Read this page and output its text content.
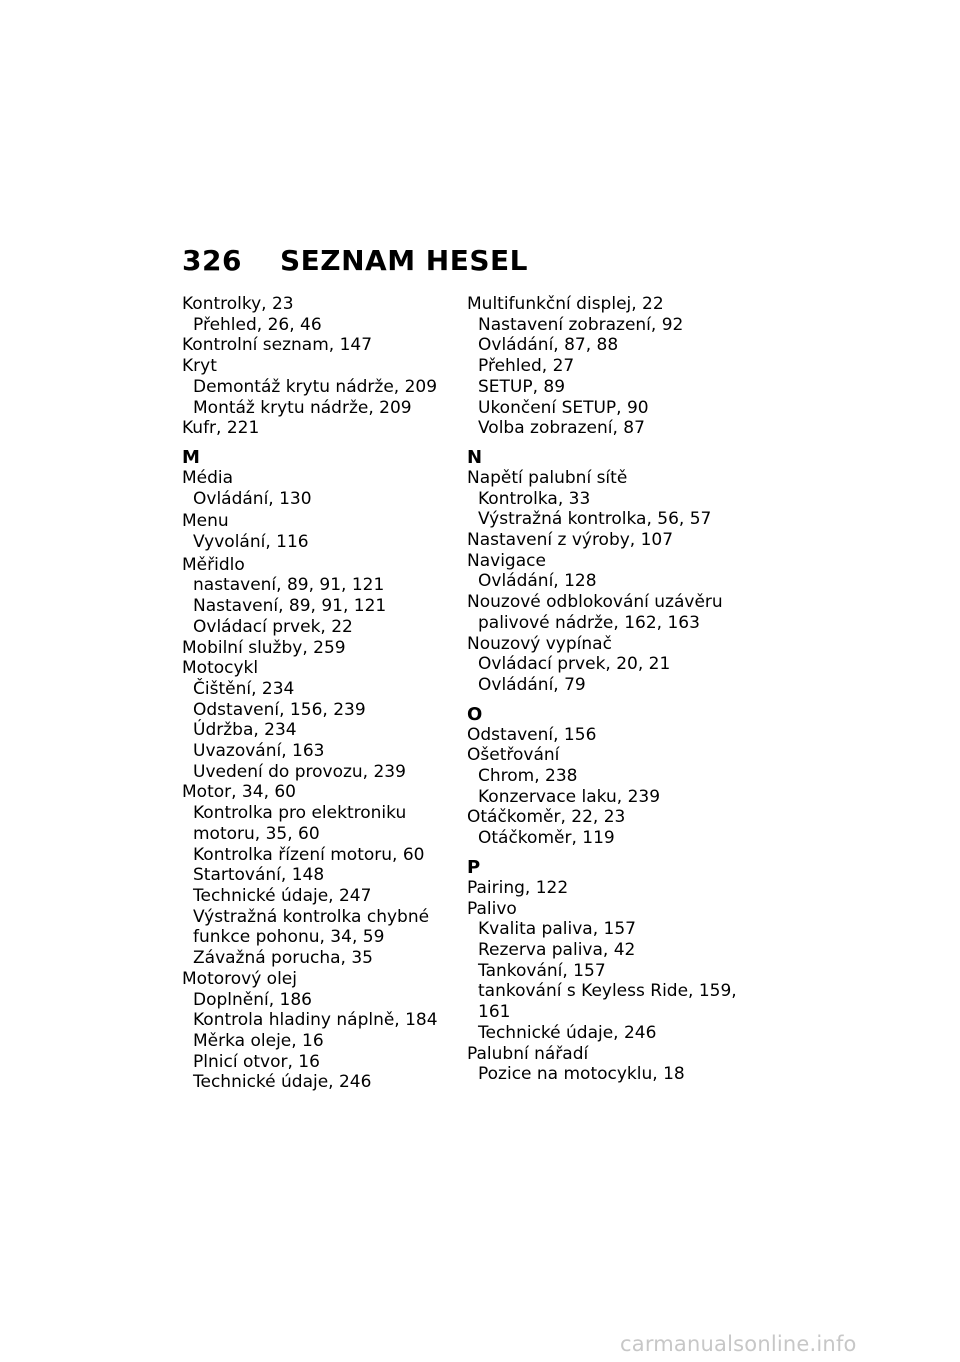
326 SEZNAM HESEL
Kontrolky, 23
Přehled, 26, 46
Kontrolní seznam, 147
Kryt
Demontáž krytu nádrže, 209
Montáž krytu nádrže, 209
Kufr, 221
M
Média
Ovládání, 130
Menu
Vyvolání, 116
Měřidlo
nastavení, 89, 91, 121
Nastavení, 89, 91, 121
Ovládací prvek, 22
Mobilní služby, 259
Motocykl
Čištění, 234
Odstavení, 156, 239
Údržba, 234
Uvazování, 163
Uvedení do provozu, 239
Motor, 34, 60
Kontrolka pro elektroniku
motoru, 35, 60
Kontrolka řízení motoru, 60
Startování, 148
Technické údaje, 247
Výstražná kontrolka chybné
funkce pohonu, 34, 59
Závažná porucha, 35
Motorový olej
Doplnění, 186
Kontrola hladiny náplně, 184
Měrka oleje, 16
Plnicí otvor, 16
Technické údaje, 246
Multifunkční displej, 22
Nastavení zobrazení, 92
Ovládání, 87, 88
Přehled, 27
SETUP, 89
Ukončení SETUP, 90
Volba zobrazení, 87
N
Napětí palubní sítě
Kontrolka, 33
Výstražná kontrolka, 56, 57
Nastavení z výroby, 107
Navigace
Ovládání, 128
Nouzové odblokování uzávěru
palivové nádrže, 162, 163
Nouzový vypínač
Ovládací prvek, 20, 21
Ovládání, 79
O
Odstavení, 156
Ošetřování
Chrom, 238
Konzervace laku, 239
Otáčkoměr, 22, 23
Otáčkoměr, 119
P
Pairing, 122
Palivo
Kvalita paliva, 157
Rezerva paliva, 42
Tankování, 157
tankování s Keyless Ride, 159,
161
Technické údaje, 246
Palubní nářadí
Pozice na motocyklu, 18
carmanualsonline.info
